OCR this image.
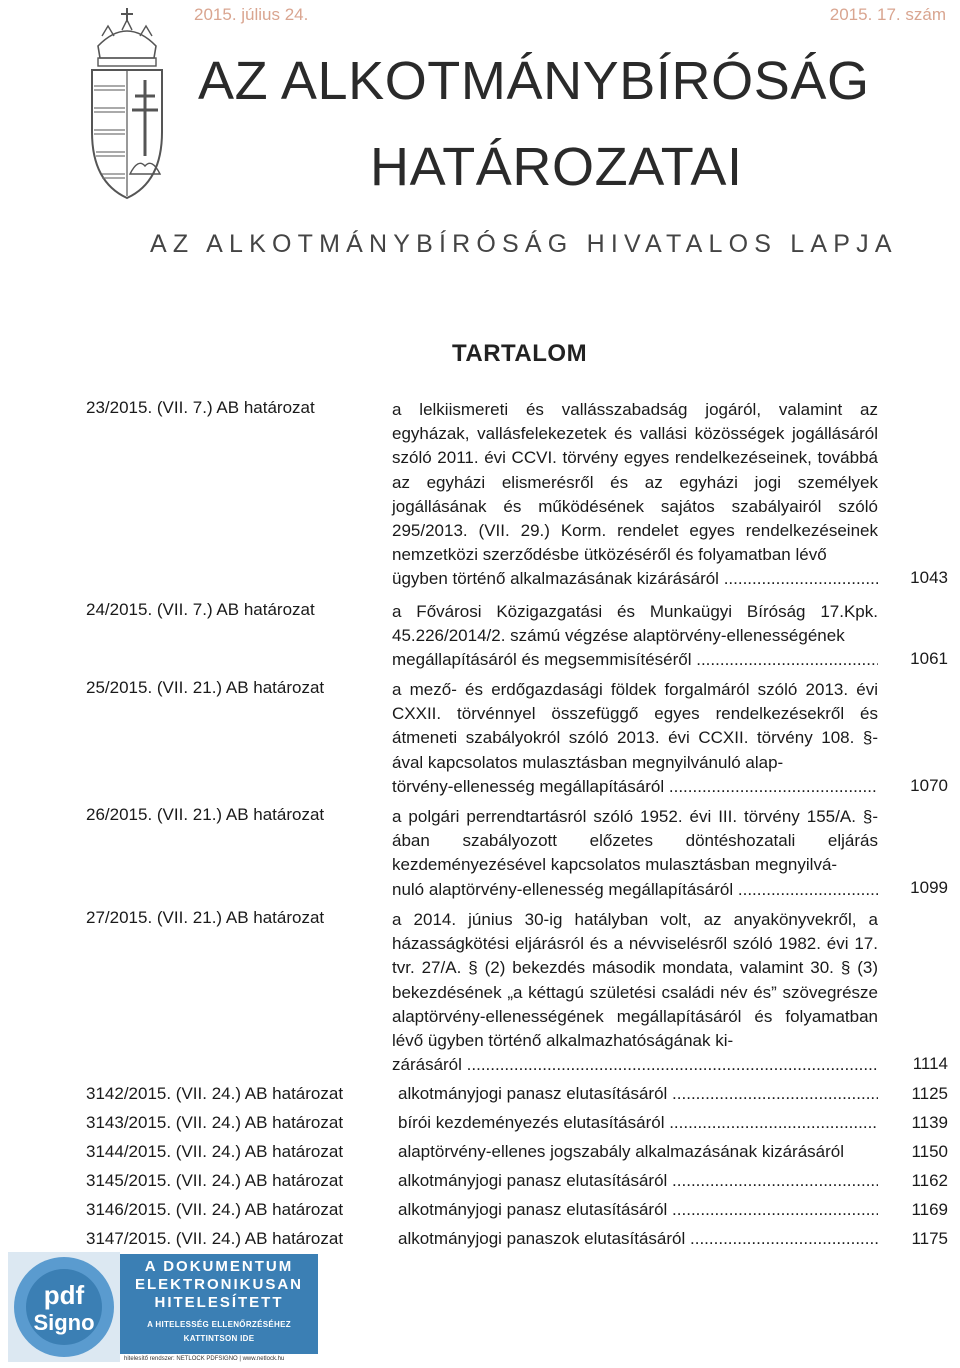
2015. július 24.	2015. 17. szám
AZ ALKOTMÁNYBÍRÓSÁG
HATÁROZATAI
AZ ALKOTMÁNYBÍRÓSÁG HIVATALOS LAPJA
TARTALOM
23/2015. (VII. 7.) AB határozat	a lelkiismereti és vallásszabadság jogáról, valamint az egyházak, vallásfelekezetek és vallási közösségek jogállásáról szóló 2011. évi CCVI. törvény egyes rendelkezéseinek, továbbá az egyházi elismerésről és az egyházi jogi személyek jogállásának és működésének sajátos szabályairól szóló 295/2013. (VII. 29.) Korm. rendelet egyes rendelkezéseinek nemzetközi szerződésbe ütközéséről és folyamatban lévő
ügyben történő alkalmazásának kizárásáról .....	1043
24/2015. (VII. 7.) AB határozat	a Fővárosi Közigazgatási és Munkaügyi Bíróság 17.Kpk. 45.226/2014/2. számú végzése alaptörvény-ellenességének
megállapításáról és megsemmisítéséről .....	1061
25/2015. (VII. 21.) AB határozat	a mező- és erdőgazdasági földek forgalmáról szóló 2013. évi CXXII. törvénnyel összefüggő egyes rendelkezésekről és átmeneti szabályokról szóló 2013. évi CCXII. törvény 108. §-ával kapcsolatos mulasztásban megnyilvánuló alap-
törvény-ellenesség megállapításáról .....	1070
26/2015. (VII. 21.) AB határozat	a polgári perrendtartásról szóló 1952. évi III. törvény 155/A. §-ában szabályozott előzetes döntéshozatali eljárás kezdeményezésével kapcsolatos mulasztásban megnyilvá-
nuló alaptörvény-ellenesség megállapításáról .....	1099
27/2015. (VII. 21.) AB határozat	a 2014. június 30-ig hatályban volt, az anyakönyvekről, a házasságkötési eljárásról és a névviselésről szóló 1982. évi 17. tvr. 27/A. § (2) bekezdés második mondata, valamint 30. § (3) bekezdésének „a kéttagú születési családi név és” szövegrésze alaptörvény-ellenességének megállapításáról és folyamatban lévő ügyben történő alkalmazhatóságának ki-
zárásáról .....	1114
3142/2015. (VII. 24.) AB határozat	alkotmányjogi panasz elutasításáról .....	1125
3143/2015. (VII. 24.) AB határozat	bírói kezdeményezés elutasításáról .....	1139
3144/2015. (VII. 24.) AB határozat	alaptörvény-ellenes jogszabály alkalmazásának kizárásáról	1150
3145/2015. (VII. 24.) AB határozat	alkotmányjogi panasz elutasításáról .....	1162
3146/2015. (VII. 24.) AB határozat	alkotmányjogi panasz elutasításáról .....	1169
3147/2015. (VII. 24.) AB határozat	alkotmányjogi panaszok elutasításáról .....	1175
pdf
Signo
A DOKUMENTUM
ELEKTRONIKUSAN
HITELESÍTETT
A HITELESSÉG ELLENŐRZÉSÉHEZ
KATTINTSON IDE
hitelesítő rendszer: NETLOCK PDFSIGNO | www.netlock.hu
